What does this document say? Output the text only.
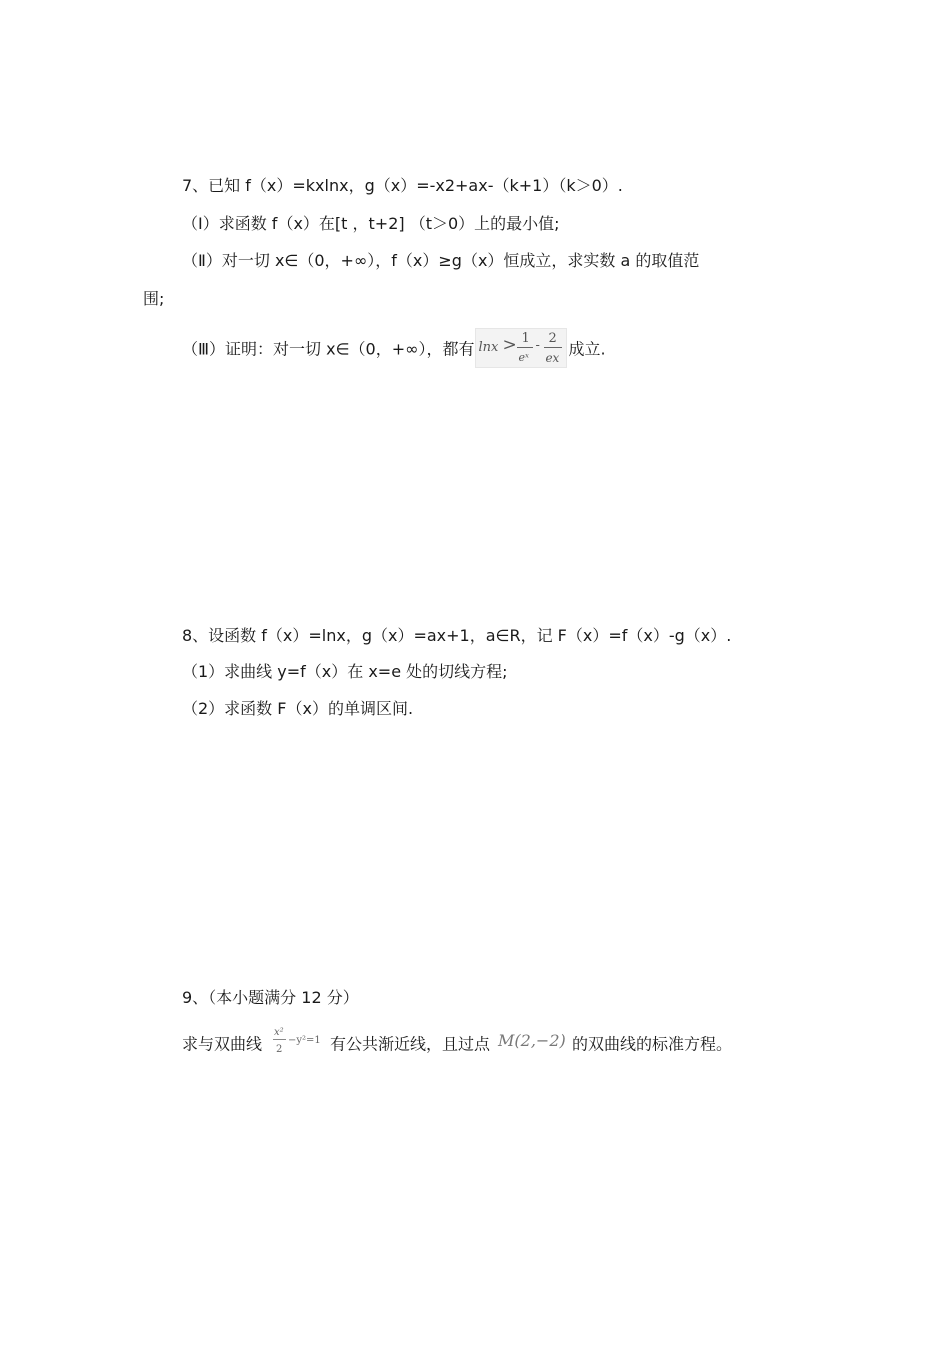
7、已知 f（x）=kxlnx，g（x）=-x2+ax-（k+1）（k＞0）.
（Ⅰ）求函数 f（x）在[t ，t+2] （t＞0）上的最小值;
（Ⅱ）对一切 x∈（0，+∞），f（x）≥g（x）恒成立，求实数 a 的取值范
围;
（Ⅲ）证明：对一切 x∈（0，+∞），都有 lnx > 1
eˣ
- 2
ex 成立.
8、设函数 f（x）=lnx，g（x）=ax+1，a∈R，记 F（x）=f（x）-g（x）.
（1）求曲线 y=f（x）在 x=e 处的切线方程;
（2）求函数 F（x）的单调区间.
9、（本小题满分 12 分）
求与双曲线
x²
2
−y²=1 有公共渐近线，且过点 M(2,−2) 的双曲线的标准方程。
